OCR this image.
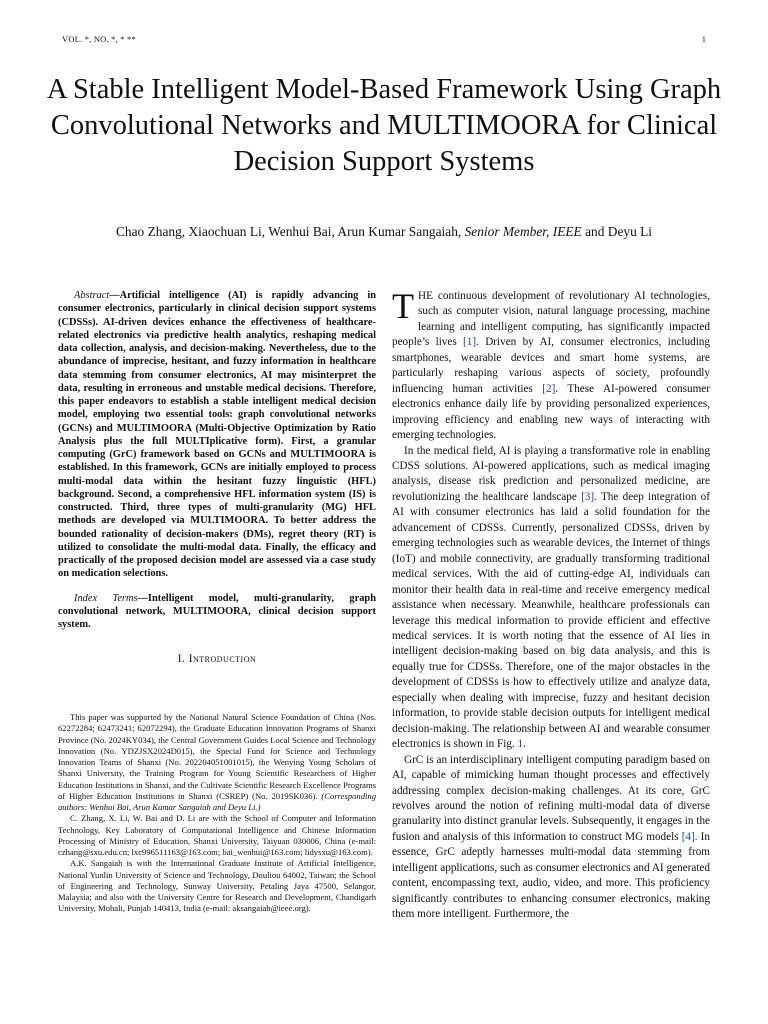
VOL. *, NO. *, * **	1
A Stable Intelligent Model-Based Framework Using Graph Convolutional Networks and MULTIMOORA for Clinical Decision Support Systems
Chao Zhang, Xiaochuan Li, Wenhui Bai, Arun Kumar Sangaiah, Senior Member, IEEE and Deyu Li

Abstract—Artificial intelligence (AI) is rapidly advancing in consumer electronics, particularly in clinical decision support systems (CDSSs). AI-driven devices enhance the effectiveness of healthcare-related electronics via predictive health analytics, reshaping medical data collection, analysis, and decision-making. Nevertheless, due to the abundance of imprecise, hesitant, and fuzzy information in healthcare data stemming from consumer electronics, AI may misinterpret the data, resulting in erroneous and unstable medical decisions. Therefore, this paper endeavors to establish a stable intelligent medical decision model, employing two essential tools: graph convolutional networks (GCNs) and MULTIMOORA (Multi-Objective Optimization by Ratio Analysis plus the full MULTIplicative form). First, a granular computing (GrC) framework based on GCNs and MULTIMOORA is established. In this framework, GCNs are initially employed to process multi-modal data within the hesitant fuzzy linguistic (HFL) background. Second, a comprehensive HFL information system (IS) is constructed. Third, three types of multi-granularity (MG) HFL methods are developed via MULTIMOORA. To better address the bounded rationality of decision-makers (DMs), regret theory (RT) is utilized to consolidate the multi-modal data. Finally, the efficacy and practically of the proposed decision model are assessed via a case study on medication selections.

Index Terms—Intelligent model, multi-granularity, graph convolutional network, MULTIMOORA, clinical decision support system.

I. Introduction

This paper was supported by the National Natural Science Foundation of China (Nos. 62272284; 62473241; 62072294), the Graduate Education Innovation Programs of Shanxi Province (No. 2024KY034), the Central Government Guides Local Science and Technology Innovation (No. YDZJSX2024D015), the Special Fund for Science and Technology Innovation Teams of Shanxi (No. 202204051001015), the Wenying Young Scholars of Shanxi University, the Training Program for Young Scientific Researchers of Higher Education Institutions in Shanxi, and the Cultivate Scientific Research Excellence Programs of Higher Education Institutions in Shanxi (CSREP) (No. 2019SK036). (Corresponding authors: Wenhui Bai, Arun Kumar Sangaiah and Deyu Li.)

C. Zhang, X. Li, W. Bai and D. Li are with the School of Computer and Information Technology, Key Laboratory of Computational Intelligence and Chinese Information Processing of Ministry of Education, Shanxi University, Taiyuan 030006, China (e-mail: czhang@sxu.edu.cn; lxc996511163@163.com; bai_wenhui@163.com; lidysxu@163.com).

A.K. Sangaiah is with the International Graduate Institute of Artificial Intelligence, National Yunlin University of Science and Technology, Douliou 64002, Taiwan; the School of Engineering and Technology, Sunway University, Petaling Jaya 47500, Selangor, Malaysia; and also with the University Centre for Research and Development, Chandigarh University, Mohali, Punjab 140413, India (e-mail: aksangaiah@ieee.org).

THE continuous development of revolutionary AI technologies, such as computer vision, natural language processing, machine learning and intelligent computing, has significantly impacted people’s lives [1]. Driven by AI, consumer electronics, including smartphones, wearable devices and smart home systems, are particularly reshaping various aspects of society, profoundly influencing human activities [2]. These AI-powered consumer electronics enhance daily life by providing personalized experiences, improving efficiency and enabling new ways of interacting with emerging technologies.

In the medical field, AI is playing a transformative role in enabling CDSS solutions. AI-powered applications, such as medical imaging analysis, disease risk prediction and personalized medicine, are revolutionizing the healthcare landscape [3]. The deep integration of AI with consumer electronics has laid a solid foundation for the advancement of CDSSs. Currently, personalized CDSSs, driven by emerging technologies such as wearable devices, the Internet of things (IoT) and mobile connectivity, are gradually transforming traditional medical services. With the aid of cutting-edge AI, individuals can monitor their health data in real-time and receive emergency medical assistance when necessary. Meanwhile, healthcare professionals can leverage this medical information to provide efficient and effective medical services. It is worth noting that the essence of AI lies in intelligent decision-making based on big data analysis, and this is equally true for CDSSs. Therefore, one of the major obstacles in the development of CDSSs is how to effectively utilize and analyze data, especially when dealing with imprecise, fuzzy and hesitant decision information, to provide stable decision outputs for intelligent medical decision-making. The relationship between AI and wearable consumer electronics is shown in Fig. 1.

GrC is an interdisciplinary intelligent computing paradigm based on AI, capable of mimicking human thought processes and effectively addressing complex decision-making challenges. At its core, GrC revolves around the notion of refining multi-modal data of diverse granularity into distinct granular levels. Subsequently, it engages in the fusion and analysis of this information to construct MG models [4]. In essence, GrC adeptly harnesses multi-modal data stemming from intelligent applications, such as consumer electronics and AI generated content, encompassing text, audio, video, and more. This proficiency significantly contributes to enhancing consumer electronics, making them more intelligent. Furthermore, the
